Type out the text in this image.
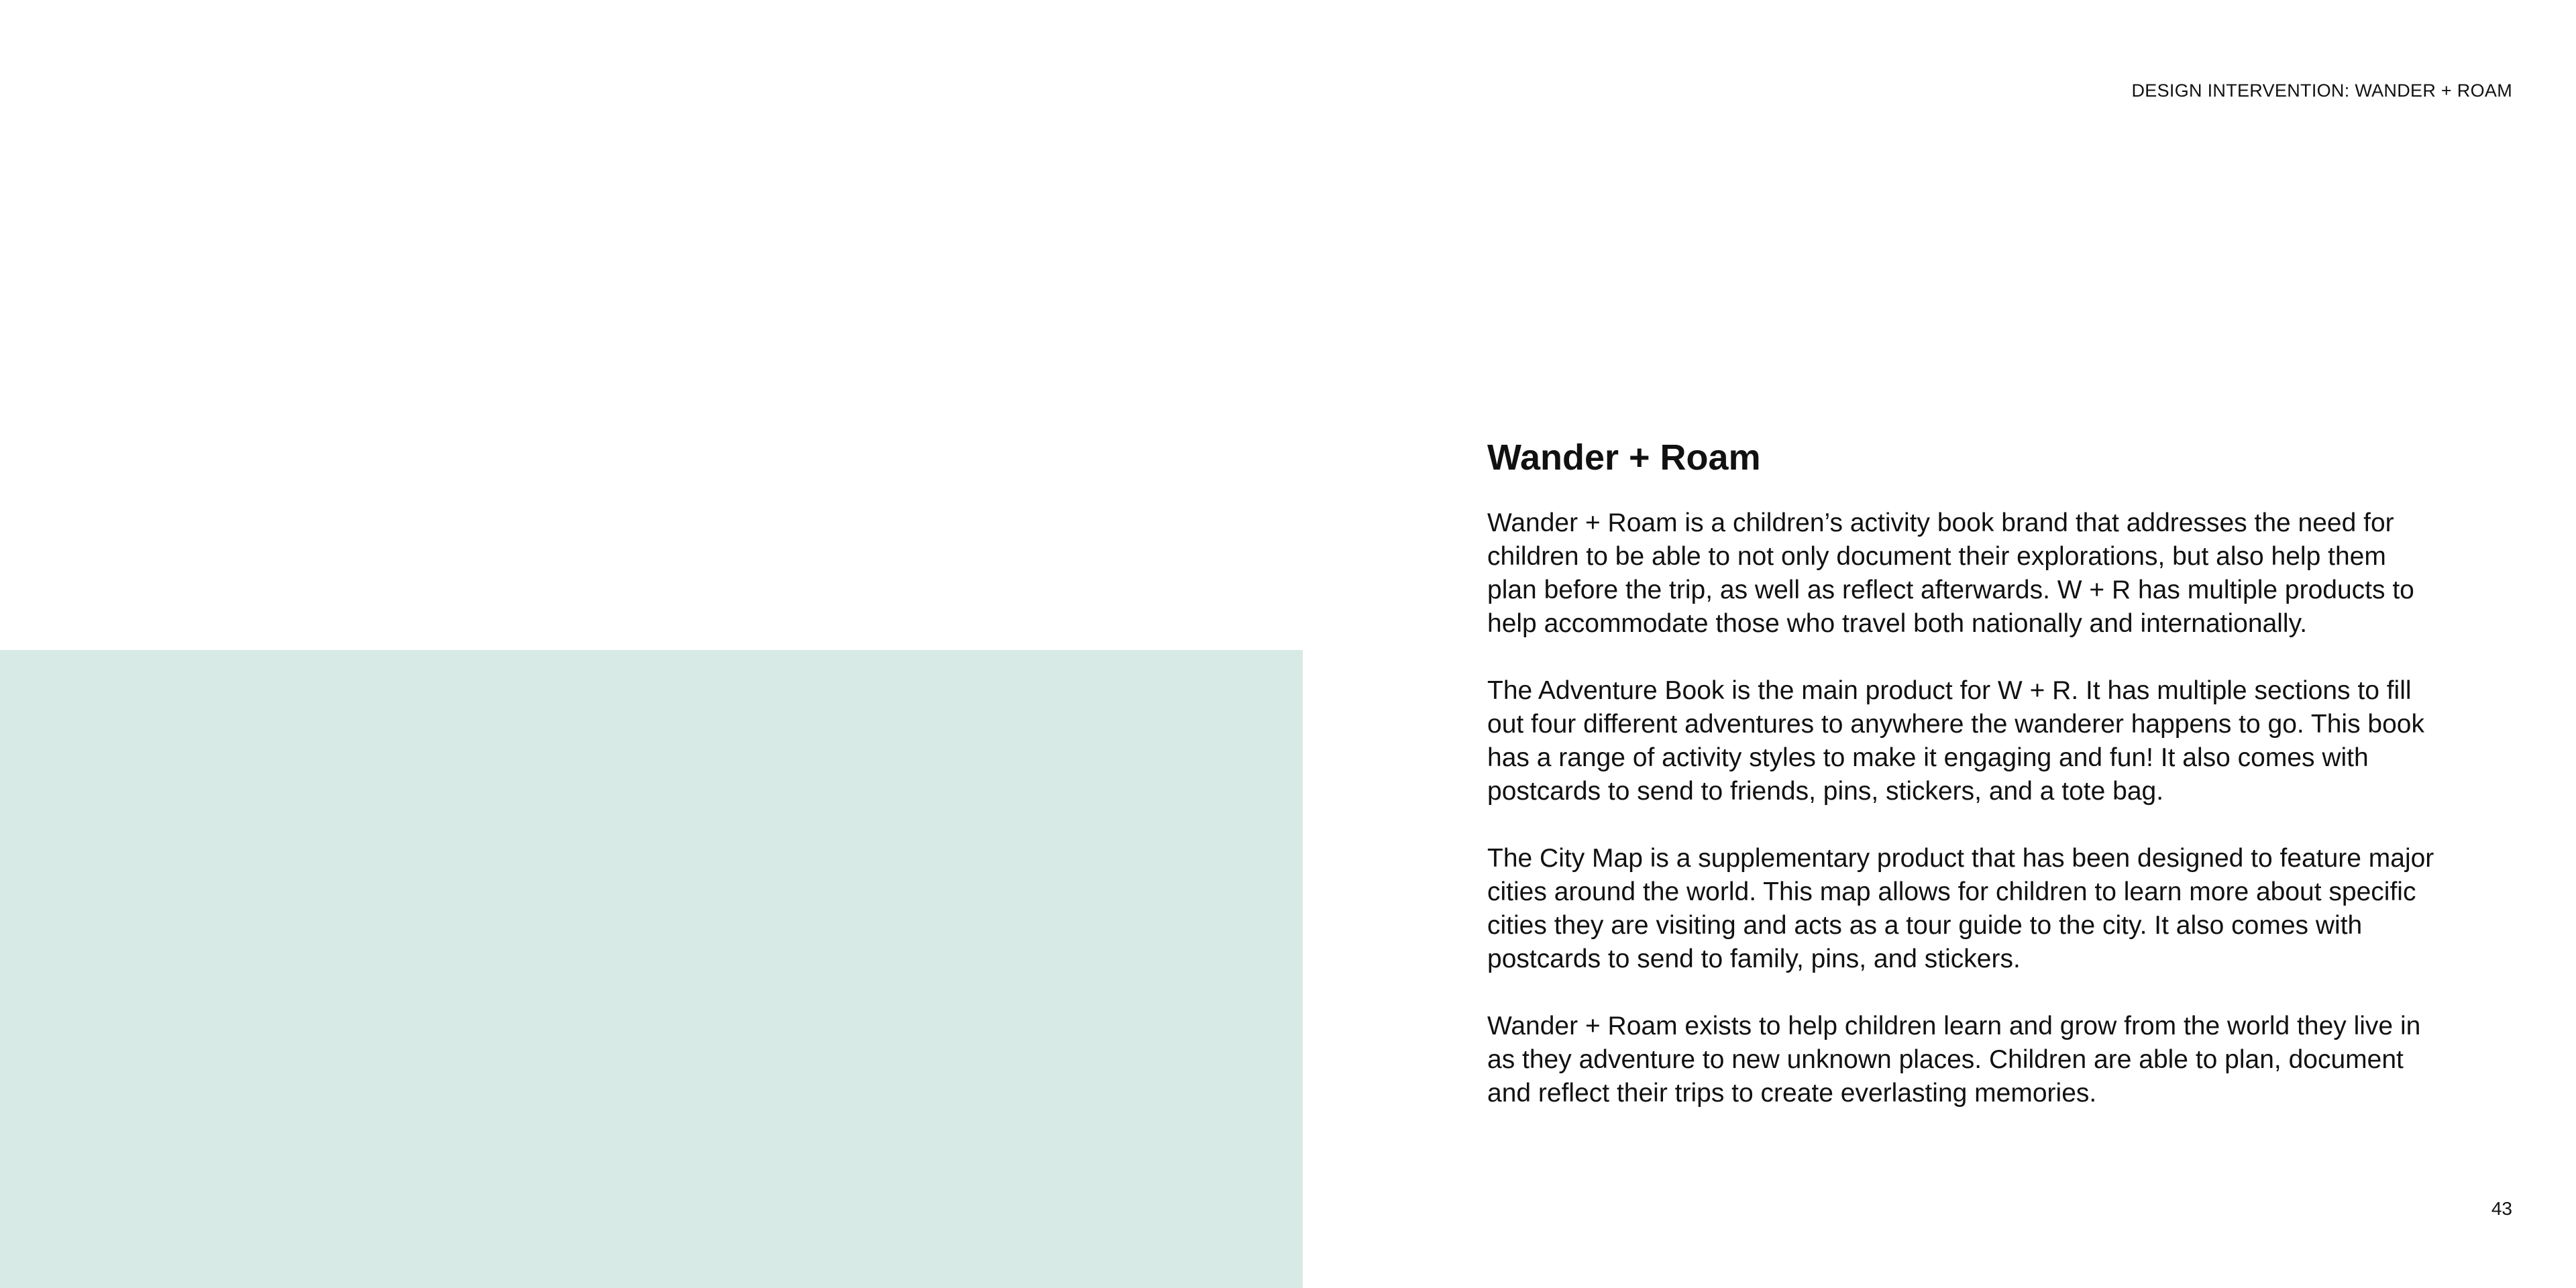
DESIGN INTERVENTION: WANDER + ROAM
Wander + Roam

Wander + Roam is a children’s activity book brand that addresses the need for children to be able to not only document their explorations, but also help them plan before the trip, as well as reflect afterwards. W + R has multiple products to help accommodate those who travel both nationally and internationally.

The Adventure Book is the main product for W + R. It has multiple sections to fill out four different adventures to anywhere the wanderer happens to go. This book has a range of activity styles to make it engaging and fun! It also comes with postcards to send to friends, pins, stickers, and a tote bag.

The City Map is a supplementary product that has been designed to feature major cities around the world. This map allows for children to learn more about specific cities they are visiting and acts as a tour guide to the city. It also comes with postcards to send to family, pins, and stickers.

Wander + Roam exists to help children learn and grow from the world they live in as they adventure to new unknown places. Children are able to plan, document and reflect their trips to create everlasting memories.

43
